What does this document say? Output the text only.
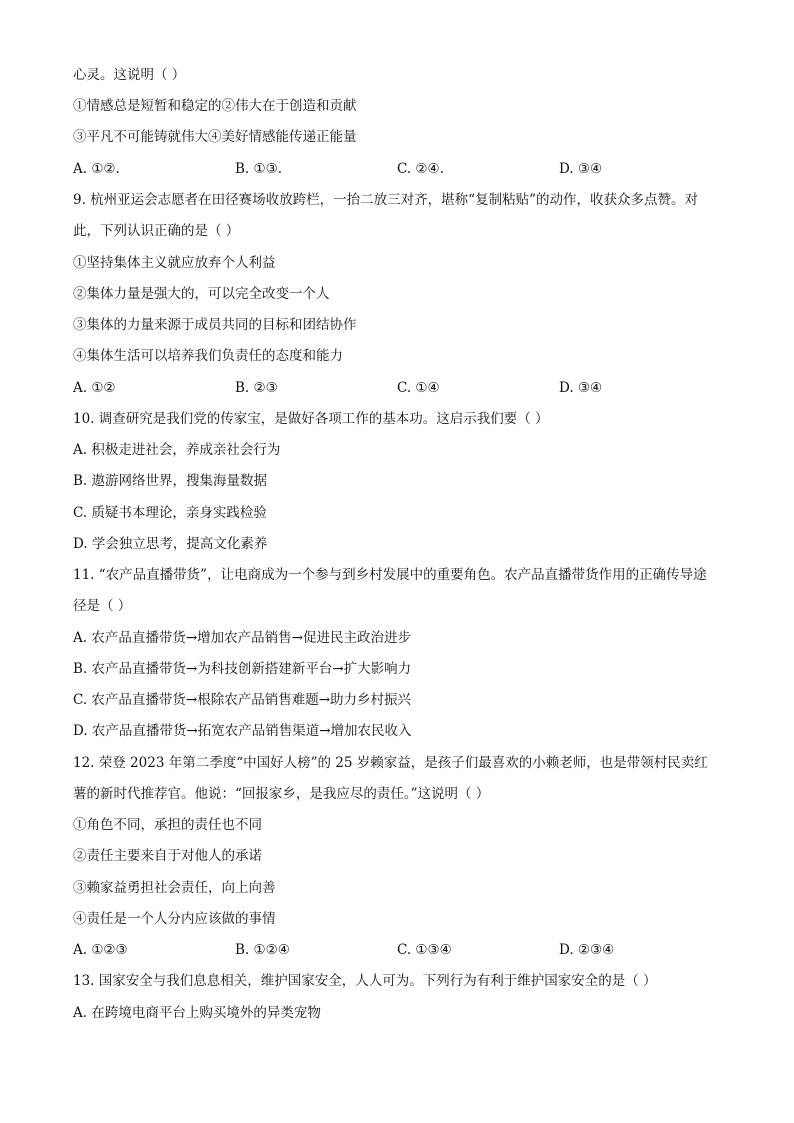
心灵。这说明（ ）
①情感总是短暂和稳定的②伟大在于创造和贡献
③平凡不可能铸就伟大④美好情感能传递正能量
A. ①②.	B. ①③.	C. ②④.	D. ③④
9. 杭州亚运会志愿者在田径赛场收放跨栏，一抬二放三对齐，堪称“复制粘贴”的动作，收获众多点赞。对
此，下列认识正确的是（ ）
①坚持集体主义就应放弃个人利益
②集体力量是强大的，可以完全改变一个人
③集体的力量来源于成员共同的目标和团结协作
④集体生活可以培养我们负责任的态度和能力
A. ①②	B. ②③	C. ①④	D. ③④
10. 调查研究是我们党的传家宝，是做好各项工作的基本功。这启示我们要（ ）
A. 积极走进社会，养成亲社会行为
B. 遨游网络世界，搜集海量数据
C. 质疑书本理论，亲身实践检验
D. 学会独立思考，提高文化素养
11. “农产品直播带货”，让电商成为一个参与到乡村发展中的重要角色。农产品直播带货作用的正确传导途
径是（ ）
A. 农产品直播带货→增加农产品销售→促进民主政治进步
B. 农产品直播带货→为科技创新搭建新平台→扩大影响力
C. 农产品直播带货→根除农产品销售难题→助力乡村振兴
D. 农产品直播带货→拓宽农产品销售渠道→增加农民收入
12. 荣登 2023 年第二季度“中国好人榜”的 25 岁赖家益，是孩子们最喜欢的小赖老师，也是带领村民卖红
薯的新时代推荐官。他说：“回报家乡，是我应尽的责任。”这说明（ ）
①角色不同，承担的责任也不同
②责任主要来自于对他人的承诺
③赖家益勇担社会责任，向上向善
④责任是一个人分内应该做的事情
A. ①②③	B. ①②④	C. ①③④	D. ②③④
13. 国家安全与我们息息相关，维护国家安全，人人可为。下列行为有利于维护国家安全的是（ ）
A. 在跨境电商平台上购买境外的异类宠物
